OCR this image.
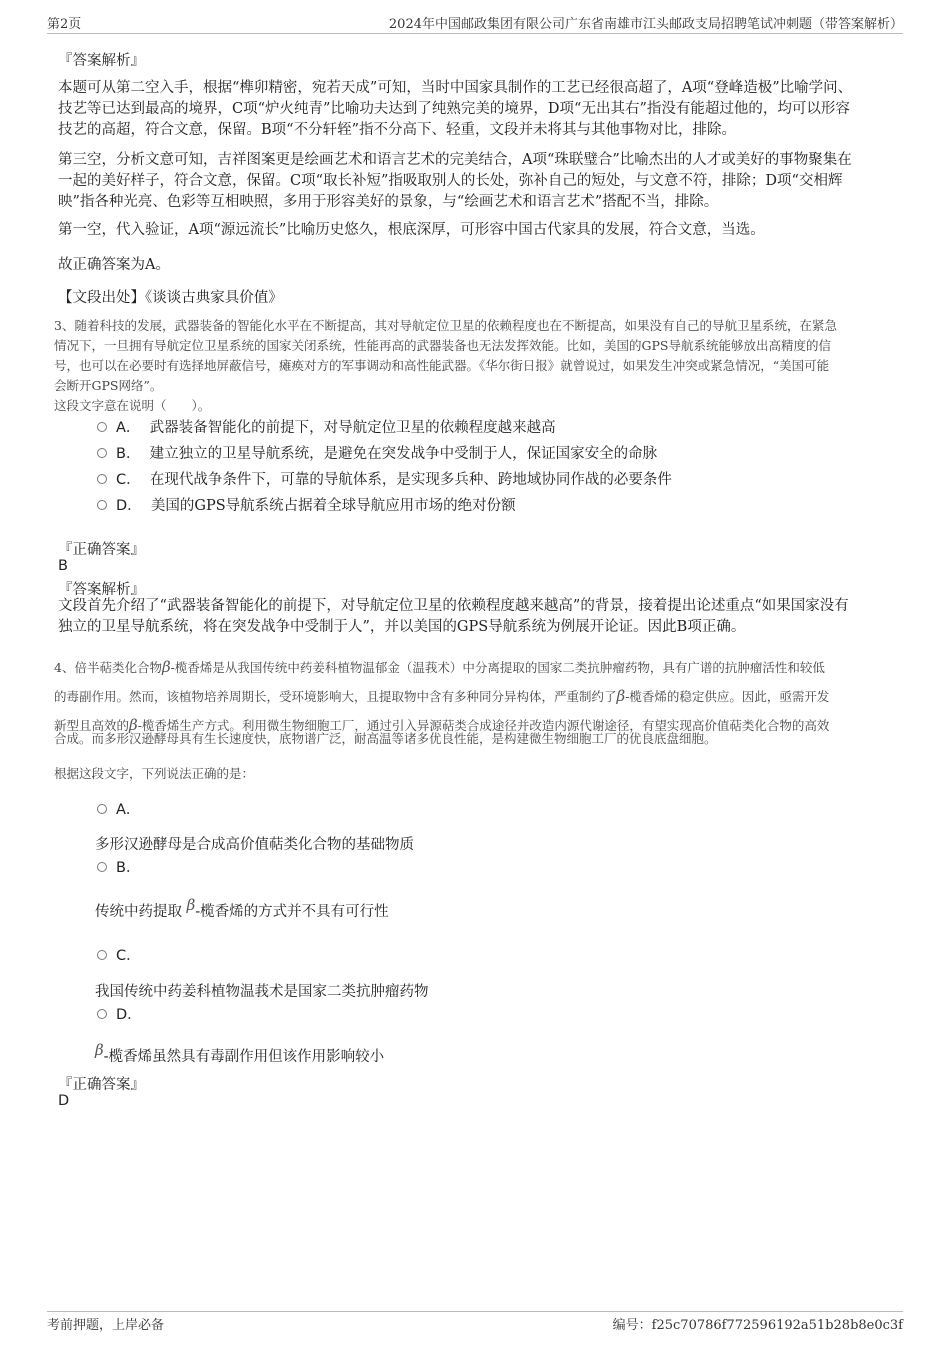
第2页	2024年中国邮政集团有限公司广东省南雄市江头邮政支局招聘笔试冲刺题（带答案解析）
『答案解析』
本题可从第二空入手，根据“榫卯精密，宛若天成”可知，当时中国家具制作的工艺已经很高超了，A项“登峰造极”比喻学问、
技艺等已达到最高的境界，C项“炉火纯青”比喻功夫达到了纯熟完美的境界，D项“无出其右”指没有能超过他的，均可以形容
技艺的高超，符合文意，保留。B项“不分轩轾”指不分高下、轻重，文段并未将其与其他事物对比，排除。
第三空，分析文意可知，吉祥图案更是绘画艺术和语言艺术的完美结合，A项“珠联璧合”比喻杰出的人才或美好的事物聚集在
一起的美好样子，符合文意，保留。C项“取长补短”指吸取别人的长处，弥补自己的短处，与文意不符，排除；D项“交相辉
映”指各种光亮、色彩等互相映照，多用于形容美好的景象，与“绘画艺术和语言艺术”搭配不当，排除。
第一空，代入验证，A项“源远流长”比喻历史悠久，根底深厚，可形容中国古代家具的发展，符合文意，当选。
故正确答案为A。
【文段出处】《谈谈古典家具价值》
3、随着科技的发展，武器装备的智能化水平在不断提高，其对导航定位卫星的依赖程度也在不断提高，如果没有自己的导航卫星系统，在紧急
情况下，一旦拥有导航定位卫星系统的国家关闭系统，性能再高的武器装备也无法发挥效能。比如，美国的GPS导航系统能够放出高精度的信
号，也可以在必要时有选择地屏蔽信号，瘫痪对方的军事调动和高性能武器。《华尔街日报》就曾说过，如果发生冲突或紧急情况，“美国可能
会断开GPS网络”。
这段文字意在说明（　　）。
A． 武器装备智能化的前提下，对导航定位卫星的依赖程度越来越高
B． 建立独立的卫星导航系统，是避免在突发战争中受制于人，保证国家安全的命脉
C． 在现代战争条件下，可靠的导航体系，是实现多兵种、跨地域协同作战的必要条件
D． 美国的GPS导航系统占据着全球导航应用市场的绝对份额
『正确答案』
B
『答案解析』
文段首先介绍了“武器装备智能化的前提下，对导航定位卫星的依赖程度越来越高”的背景，接着提出论述重点“如果国家没有
独立的卫星导航系统，将在突发战争中受制于人”，并以美国的GPS导航系统为例展开论证。因此B项正确。
4、倍半萜类化合物β-榄香烯是从我国传统中药姜科植物温郁金（温莪术）中分离提取的国家二类抗肿瘤药物，具有广谱的抗肿瘤活性和较低
的毒副作用。然而，该植物培养周期长，受环境影响大，且提取物中含有多种同分异构体，严重制约了β-榄香烯的稳定供应。因此，亟需开发
新型且高效的β-榄香烯生产方式。利用微生物细胞工厂，通过引入异源萜类合成途径并改造内源代谢途径，有望实现高价值萜类化合物的高效
合成。而多形汉逊酵母具有生长速度快，底物谱广泛，耐高温等诸多优良性能，是构建微生物细胞工厂的优良底盘细胞。
根据这段文字，下列说法正确的是：
A．
多形汉逊酵母是合成高价值萜类化合物的基础物质
B．
传统中药提取 β-榄香烯的方式并不具有可行性
C．
我国传统中药姜科植物温莪术是国家二类抗肿瘤药物
D．
β-榄香烯虽然具有毒副作用但该作用影响较小
『正确答案』
D
考前押题，上岸必备	编号：f25c70786f772596192a51b28b8e0c3f
